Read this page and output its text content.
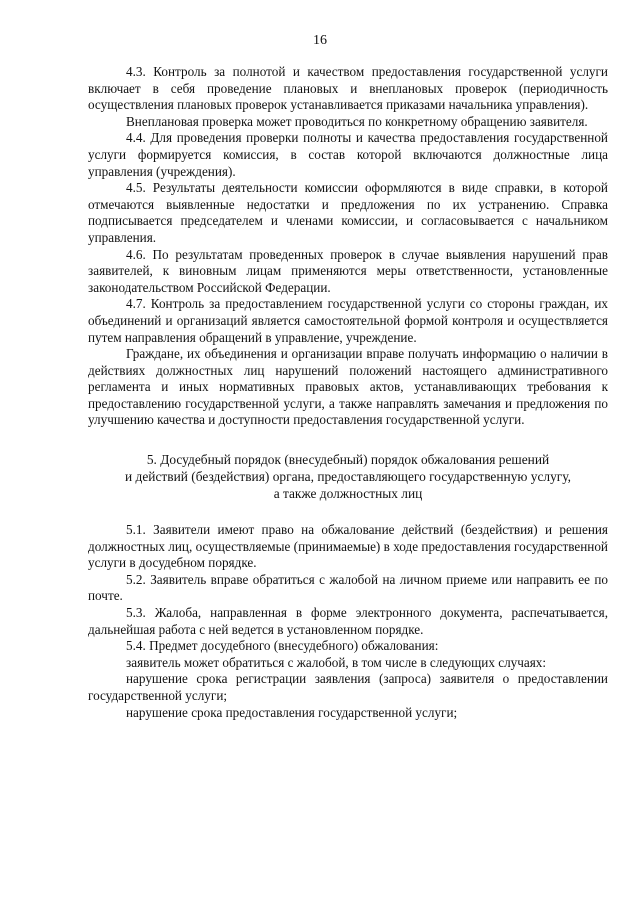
16

4.3. Контроль за полнотой и качеством предоставления государственной услуги включает в себя проведение плановых и внеплановых проверок (периодичность осуществления плановых проверок устанавливается приказами начальника управления).

Внеплановая проверка может проводиться по конкретному обращению заявителя.

4.4. Для проведения проверки полноты и качества предоставления государственной услуги формируется комиссия, в состав которой включаются должностные лица управления (учреждения).

4.5. Результаты деятельности комиссии оформляются в виде справки, в которой отмечаются выявленные недостатки и предложения по их устранению. Справка подписывается председателем и членами комиссии, и согласовывается с начальником управления.

4.6. По результатам проведенных проверок в случае выявления нарушений прав заявителей, к виновным лицам применяются меры ответственности, установленные законодательством Российской Федерации.

4.7. Контроль за предоставлением государственной услуги со стороны граждан, их объединений и организаций является самостоятельной формой контроля и осуществляется путем направления обращений в управление, учреждение.

Граждане, их объединения и организации вправе получать информацию о наличии в действиях должностных лиц нарушений положений настоящего административного регламента и иных нормативных правовых актов, устанавливающих требования к предоставлению государственной услуги, а также направлять замечания и предложения по улучшению качества и доступности предоставления государственной услуги.

5. Досудебный порядок (внесудебный) порядок обжалования решений
и действий (бездействия) органа, предоставляющего государственную услугу,
а также должностных лиц

5.1. Заявители имеют право на обжалование действий (бездействия) и решения должностных лиц, осуществляемые (принимаемые) в ходе предоставления государственной услуги в досудебном порядке.

5.2. Заявитель вправе обратиться с жалобой на личном приеме или направить ее по почте.

5.3. Жалоба, направленная в форме электронного документа, распечатывается, дальнейшая работа с ней ведется в установленном порядке.

5.4. Предмет досудебного (внесудебного) обжалования:

заявитель может обратиться с жалобой, в том числе в следующих случаях:

нарушение срока регистрации заявления (запроса) заявителя о предоставлении государственной услуги;

нарушение срока предоставления государственной услуги;
